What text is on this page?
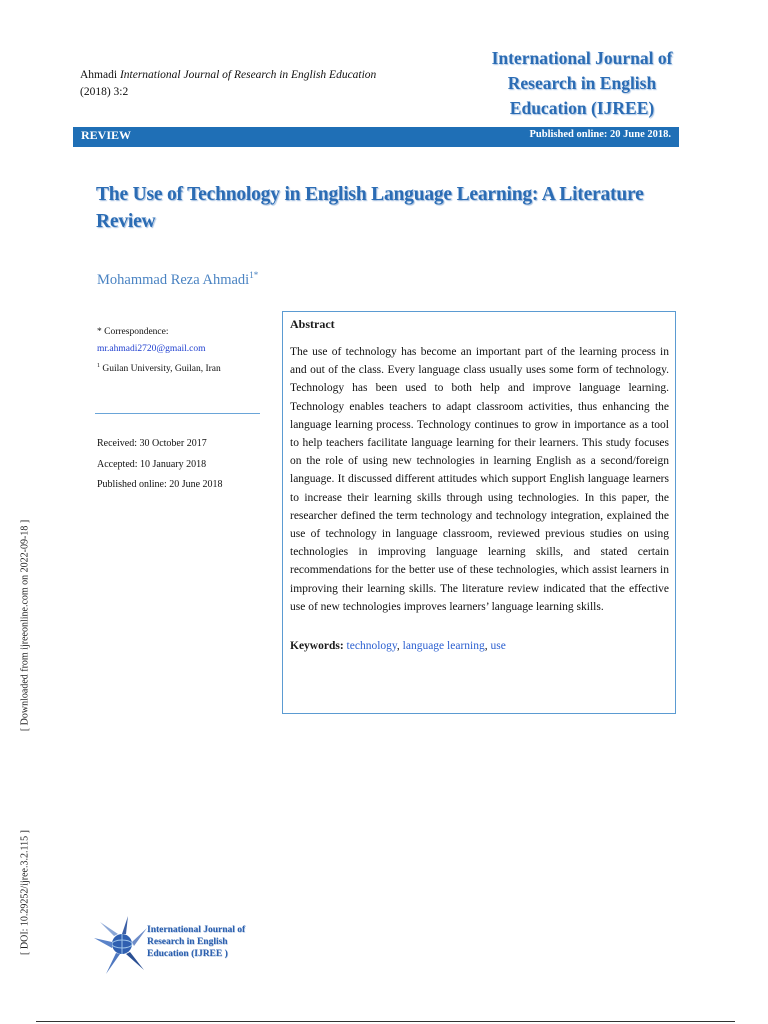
Ahmadi International Journal of Research in English Education
(2018) 3:2
International Journal of
Research in English
Education (IJREE)
REVIEW	Published online: 20 June 2018.
The Use of Technology in English Language Learning: A Literature Review
Mohammad Reza Ahmadi$^{1*}$
* Correspondence:
mr.ahmadi2720@gmail.com
$^1$ Guilan University, Guilan, Iran
Received: 30 October 2017
Accepted: 10 January 2018
Published online: 20 June 2018
Abstract
The use of technology has become an important part of the learning process in and out of the class. Every language class usually uses some form of technology. Technology has been used to both help and improve language learning. Technology enables teachers to adapt classroom activities, thus enhancing the language learning process. Technology continues to grow in importance as a tool to help teachers facilitate language learning for their learners. This study focuses on the role of using new technologies in learning English as a second/foreign language. It discussed different attitudes which support English language learners to increase their learning skills through using technologies. In this paper, the researcher defined the term technology and technology integration, explained the use of technology in language classroom, reviewed previous studies on using technologies in improving language learning skills, and stated certain recommendations for the better use of these technologies, which assist learners in improving their learning skills. The literature review indicated that the effective use of new technologies improves learners’ language learning skills.
Keywords: technology, language learning, use
[ Downloaded from ijreeonline.com on 2022-09-18 ]
[ DOI: 10.29252/ijree.3.2.115 ]	International Journal of
Research in English
Education (IJREE )
